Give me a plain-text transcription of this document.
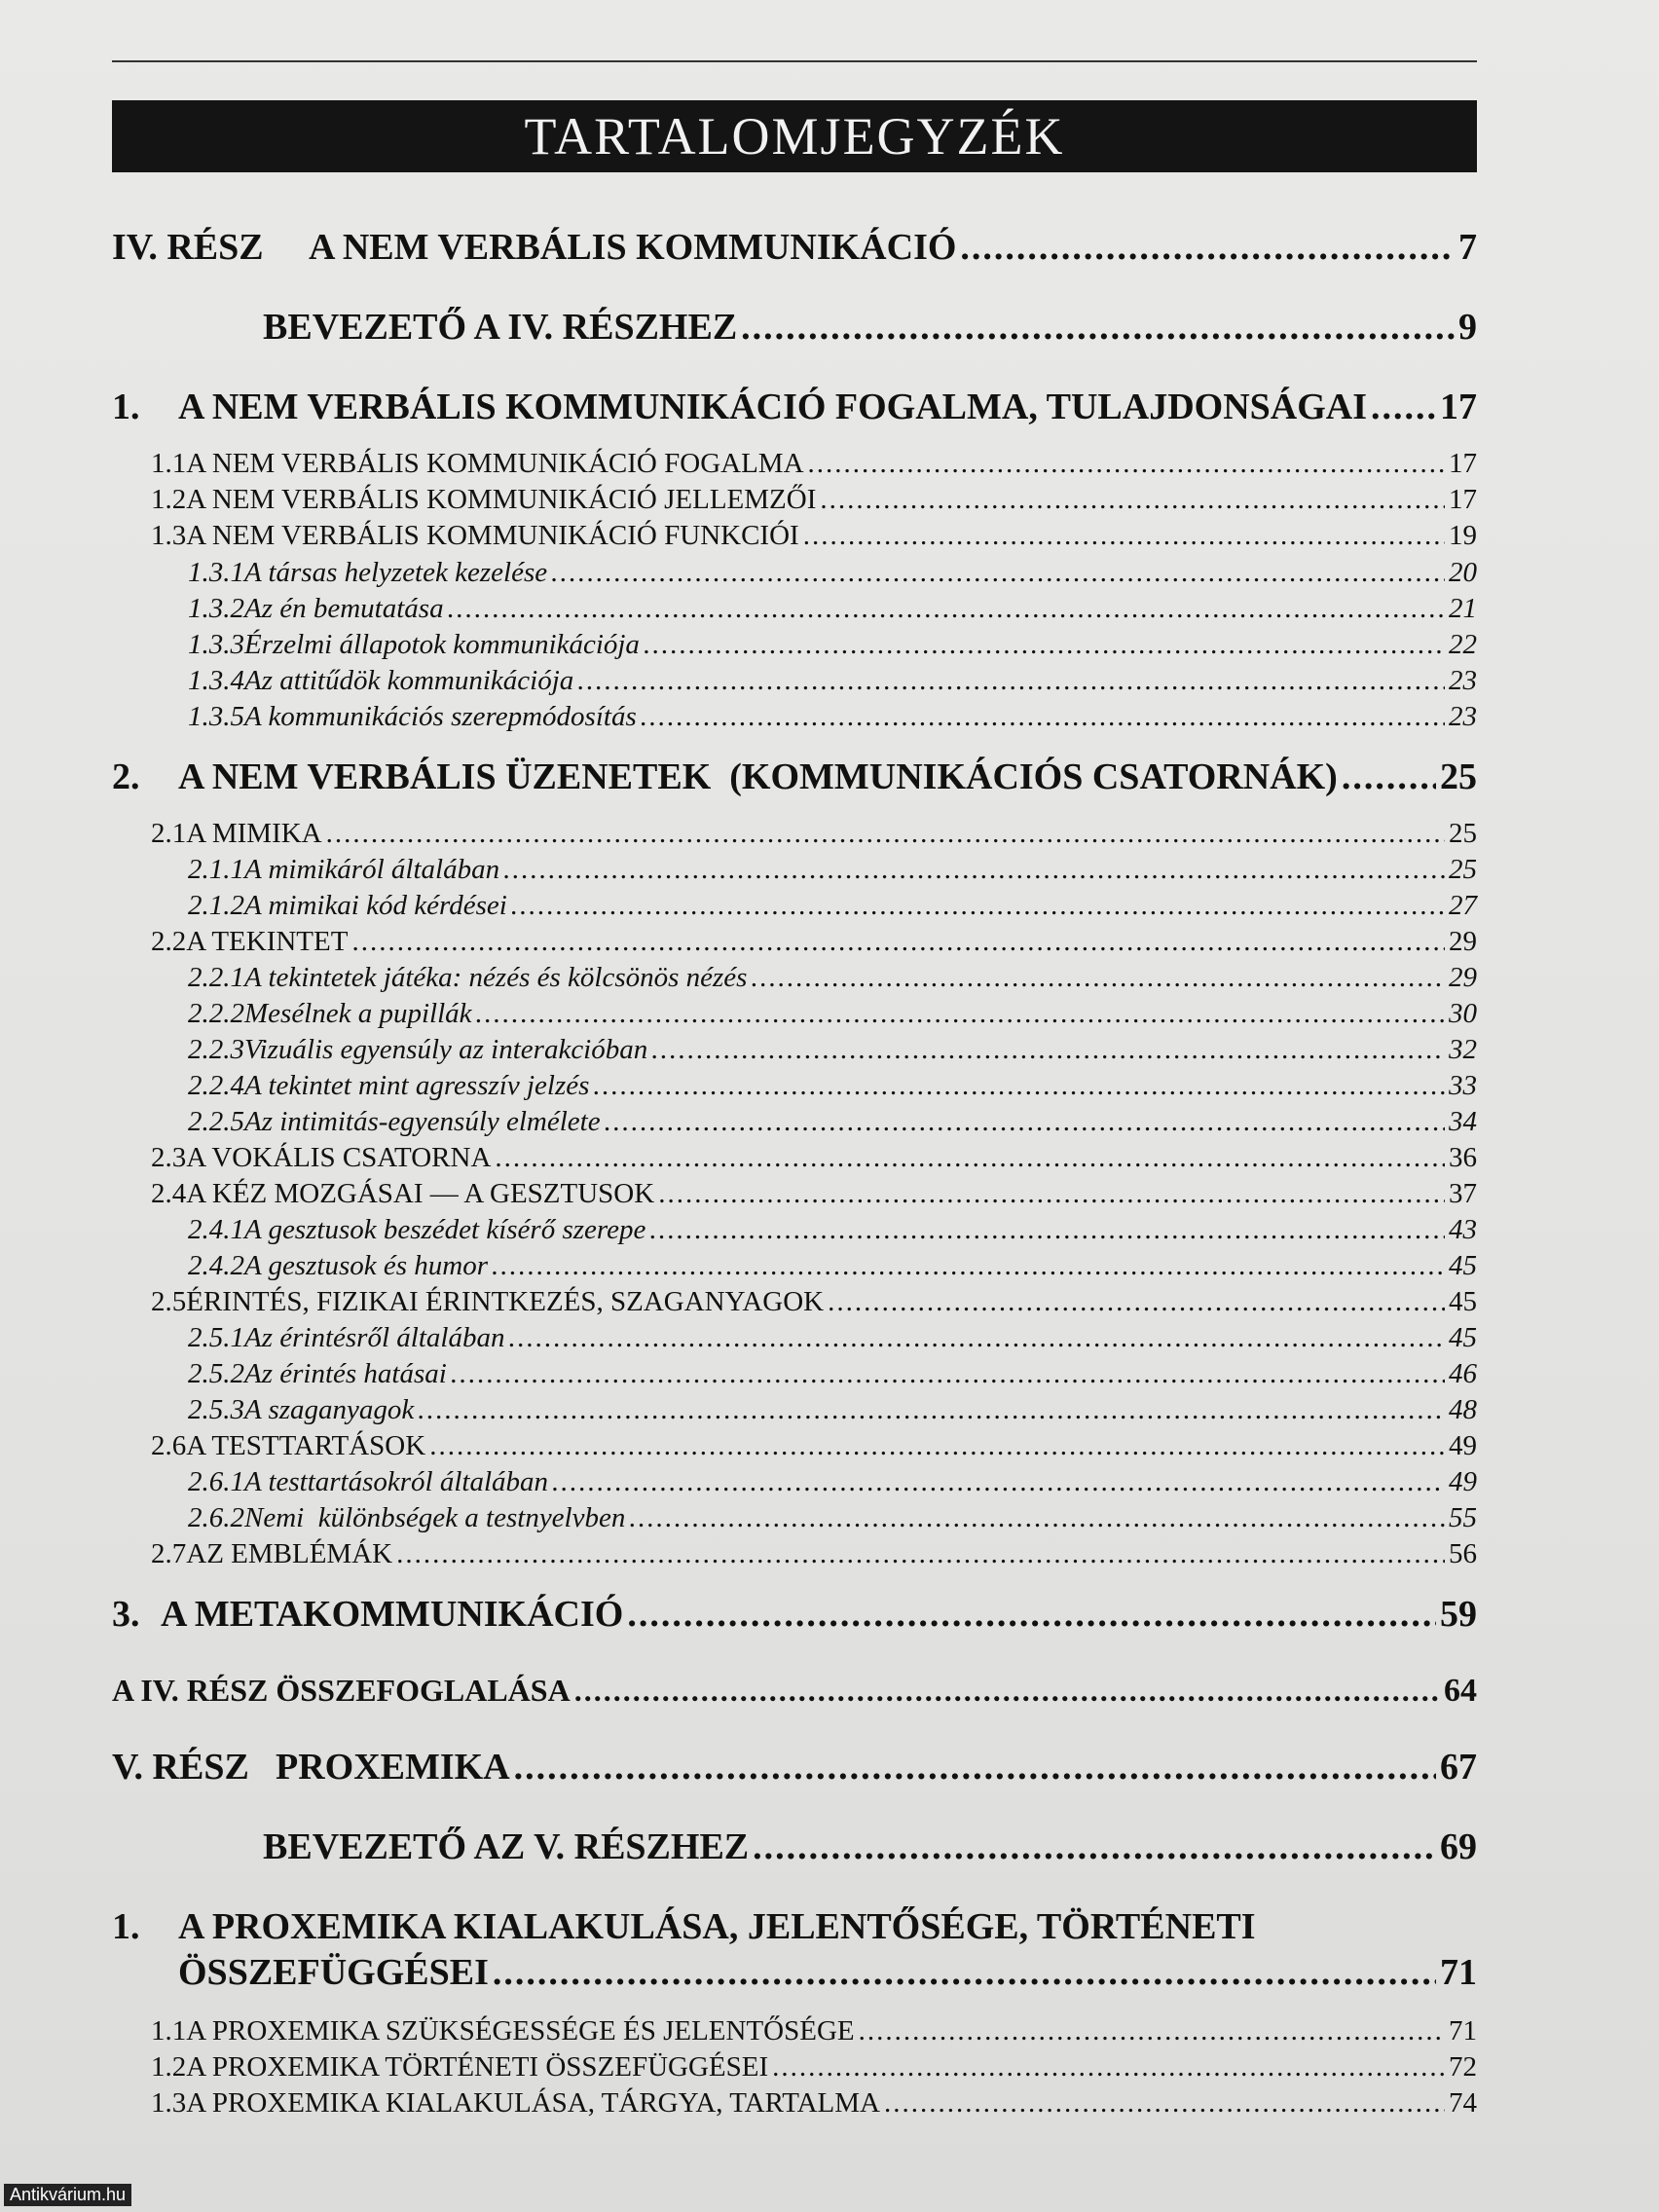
TARTALOMJEGYZÉK
IV. RÉSZ	A NEM VERBÁLIS KOMMUNIKÁCIÓ .....	7
BEVEZETŐ A IV. RÉSZHEZ .....	9
1.	A NEM VERBÁLIS KOMMUNIKÁCIÓ FOGALMA, TULAJDONSÁGAI ..... 17
1.1 A NEM VERBÁLIS KOMMUNIKÁCIÓ FOGALMA .....	17
1.2 A NEM VERBÁLIS KOMMUNIKÁCIÓ JELLEMZŐI .....	17
1.3 A NEM VERBÁLIS KOMMUNIKÁCIÓ FUNKCIÓI .....	19
1.3.1 A társas helyzetek kezelése .....	20
1.3.2 Az én bemutatása .....	21
1.3.3 Érzelmi állapotok kommunikációja .....	22
1.3.4 Az attitűdök kommunikációja .....	23
1.3.5 A kommunikációs szerepmódosítás .....	23
2.	A NEM VERBÁLIS ÜZENETEK  (KOMMUNIKÁCIÓS CSATORNÁK) .....	25
2.1 A MIMIKA .....	25
2.1.1 A mimikáról általában .....	25
2.1.2 A mimikai kód kérdései .....	27
2.2 A TEKINTET .....	29
2.2.1 A tekintetek játéka: nézés és kölcsönös nézés .....	29
2.2.2 Mesélnek a pupillák .....	30
2.2.3 Vizuális egyensúly az interakcióban .....	32
2.2.4 A tekintet mint agresszív jelzés .....	33
2.2.5 Az intimitás-egyensúly elmélete .....	34
2.3 A VOKÁLIS CSATORNA .....	36
2.4 A KÉZ MOZGÁSAI — A GESZTUSOK .....	37
2.4.1 A gesztusok beszédet kísérő szerepe .....	43
2.4.2 A gesztusok és humor .....	45
2.5 ÉRINTÉS, FIZIKAI ÉRINTKEZÉS, SZAGANYAGOK .....	45
2.5.1 Az érintésről általában .....	45
2.5.2 Az érintés hatásai .....	46
2.5.3 A szaganyagok .....	48
2.6 A TESTTARTÁSOK .....	49
2.6.1 A testtartásokról általában .....	49
2.6.2 Nemi  különbségek a testnyelvben .....	55
2.7 AZ EMBLÉMÁK .....	56
3. A METAKOMMUNIKÁCIÓ .....	59
A IV. RÉSZ ÖSSZEFOGLALÁSA .....	64
V. RÉSZ PROXEMIKA .....	67
BEVEZETŐ AZ V. RÉSZHEZ .....	69
1.	A PROXEMIKA KIALAKULÁSA, JELENTŐSÉGE, TÖRTÉNETI
ÖSSZEFÜGGÉSEI .....	71
1.1 A PROXEMIKA SZÜKSÉGESSÉGE ÉS JELENTŐSÉGE .....	71
1.2 A PROXEMIKA TÖRTÉNETI ÖSSZEFÜGGÉSEI .....	72
1.3 A PROXEMIKA KIALAKULÁSA, TÁRGYA, TARTALMA .....	74
Antikvárium.hu
